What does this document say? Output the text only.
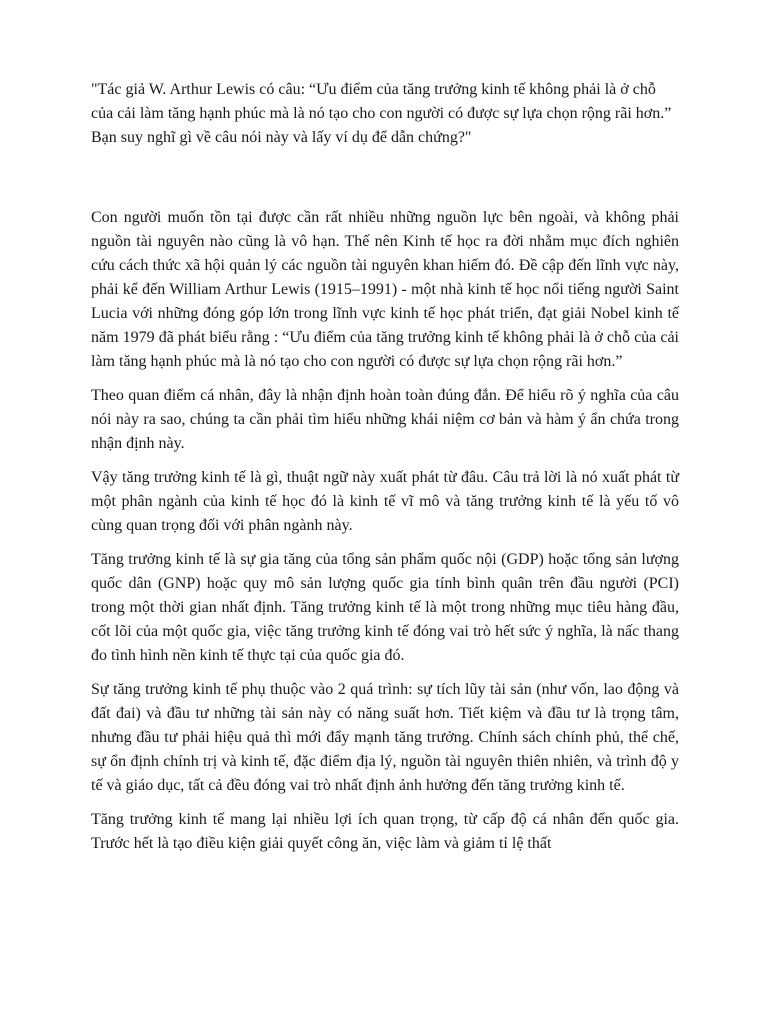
"Tác giả W. Arthur Lewis có câu: “Ưu điểm của tăng trưởng kinh tế không phải là ở chỗ của cải làm tăng hạnh phúc mà là nó tạo cho con người có được sự lựa chọn rộng rãi hơn.” Bạn suy nghĩ gì về câu nói này và lấy ví dụ để dẫn chứng?"

Con người muốn tồn tại được cần rất nhiều những nguồn lực bên ngoài, và không phải nguồn tài nguyên nào cũng là vô hạn. Thế nên Kinh tế học ra đời nhằm mục đích nghiên cứu cách thức xã hội quản lý các nguồn tài nguyên khan hiếm đó. Đề cập đến lĩnh vực này, phải kể đến William Arthur Lewis (1915–1991) - một nhà kinh tế học nổi tiếng người Saint Lucia với những đóng góp lớn trong lĩnh vực kinh tế học phát triển, đạt giải Nobel kinh tế năm 1979 đã phát biểu rằng : “Ưu điểm của tăng trưởng kinh tế không phải là ở chỗ của cải làm tăng hạnh phúc mà là nó tạo cho con người có được sự lựa chọn rộng rãi hơn.”

Theo quan điểm cá nhân, đây là nhận định hoàn toàn đúng đắn. Để hiểu rõ ý nghĩa của câu nói này ra sao, chúng ta cần phải tìm hiểu những khái niệm cơ bản và hàm ý ẩn chứa trong nhận định này.

Vậy tăng trưởng kinh tế là gì, thuật ngữ này xuất phát từ đâu. Câu trả lời là nó xuất phát từ một phân ngành của kinh tế học đó là kinh tế vĩ mô và tăng trưởng kinh tế là yếu tố vô cùng quan trọng đối với phân ngành này.

Tăng trưởng kinh tế là sự gia tăng của tổng sản phẩm quốc nội (GDP) hoặc tổng sản lượng quốc dân (GNP) hoặc quy mô sản lượng quốc gia tính bình quân trên đầu người (PCI) trong một thời gian nhất định. Tăng trưởng kinh tế là một trong những mục tiêu hàng đầu, cốt lõi của một quốc gia, việc tăng trưởng kinh tế đóng vai trò hết sức ý nghĩa, là nấc thang đo tình hình nền kinh tế thực tại của quốc gia đó.

Sự tăng trưởng kinh tế phụ thuộc vào 2 quá trình: sự tích lũy tài sản (như vốn, lao động và đất đai) và đầu tư những tài sản này có năng suất hơn. Tiết kiệm và đầu tư là trọng tâm, nhưng đầu tư phải hiệu quả thì mới đẩy mạnh tăng trưởng. Chính sách chính phủ, thể chế, sự ổn định chính trị và kinh tế, đặc điểm địa lý, nguồn tài nguyên thiên nhiên, và trình độ y tế và giáo dục, tất cả đều đóng vai trò nhất định ảnh hưởng đến tăng trưởng kinh tế.

Tăng trưởng kinh tế mang lại nhiều lợi ích quan trọng, từ cấp độ cá nhân đến quốc gia. Trước hết là tạo điều kiện giải quyết công ăn, việc làm và giảm tỉ lệ thất
